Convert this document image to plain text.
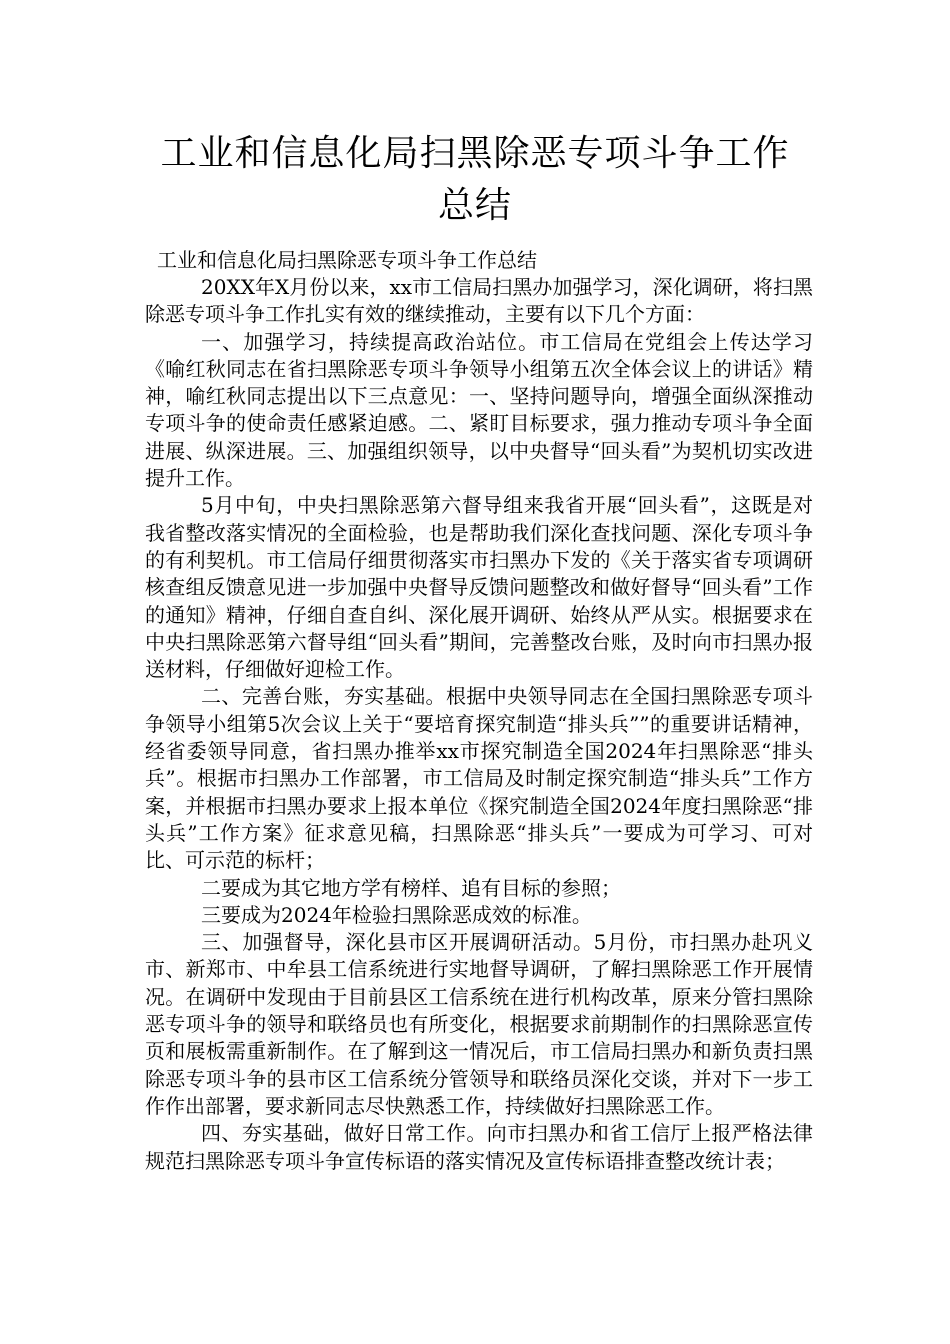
工业和信息化局扫黑除恶专项斗争工作总结

工业和信息化局扫黑除恶专项斗争工作总结

20XX年X月份以来，xx市工信局扫黑办加强学习，深化调研，将扫黑除恶专项斗争工作扎实有效的继续推动，主要有以下几个方面：

一、加强学习，持续提高政治站位。市工信局在党组会上传达学习《喻红秋同志在省扫黑除恶专项斗争领导小组第五次全体会议上的讲话》精神，喻红秋同志提出以下三点意见：一、坚持问题导向，增强全面纵深推动专项斗争的使命责任感紧迫感。二、紧盯目标要求，强力推动专项斗争全面进展、纵深进展。三、加强组织领导，以中央督导“回头看”为契机切实改进提升工作。

5月中旬，中央扫黑除恶第六督导组来我省开展“回头看”，这既是对我省整改落实情况的全面检验，也是帮助我们深化查找问题、深化专项斗争的有利契机。市工信局仔细贯彻落实市扫黑办下发的《关于落实省专项调研核查组反馈意见进一步加强中央督导反馈问题整改和做好督导“回头看”工作的通知》精神，仔细自查自纠、深化展开调研、始终从严从实。根据要求在中央扫黑除恶第六督导组“回头看”期间，完善整改台账，及时向市扫黑办报送材料，仔细做好迎检工作。

二、完善台账，夯实基础。根据中央领导同志在全国扫黑除恶专项斗争领导小组第5次会议上关于“要培育探究制造“排头兵””的重要讲话精神，经省委领导同意，省扫黑办推举xx市探究制造全国2024年扫黑除恶“排头兵”。根据市扫黑办工作部署，市工信局及时制定探究制造“排头兵”工作方案，并根据市扫黑办要求上报本单位《探究制造全国2024年度扫黑除恶“排头兵”工作方案》征求意见稿，扫黑除恶“排头兵”一要成为可学习、可对比、可示范的标杆；

二要成为其它地方学有榜样、追有目标的参照；

三要成为2024年检验扫黑除恶成效的标准。

三、加强督导，深化县市区开展调研活动。5月份，市扫黑办赴巩义市、新郑市、中牟县工信系统进行实地督导调研，了解扫黑除恶工作开展情况。在调研中发现由于目前县区工信系统在进行机构改革，原来分管扫黑除恶专项斗争的领导和联络员也有所变化，根据要求前期制作的扫黑除恶宣传页和展板需重新制作。在了解到这一情况后，市工信局扫黑办和新负责扫黑除恶专项斗争的县市区工信系统分管领导和联络员深化交谈，并对下一步工作作出部署，要求新同志尽快熟悉工作，持续做好扫黑除恶工作。

四、夯实基础，做好日常工作。向市扫黑办和省工信厅上报严格法律规范扫黑除恶专项斗争宣传标语的落实情况及宣传标语排查整改统计表；
